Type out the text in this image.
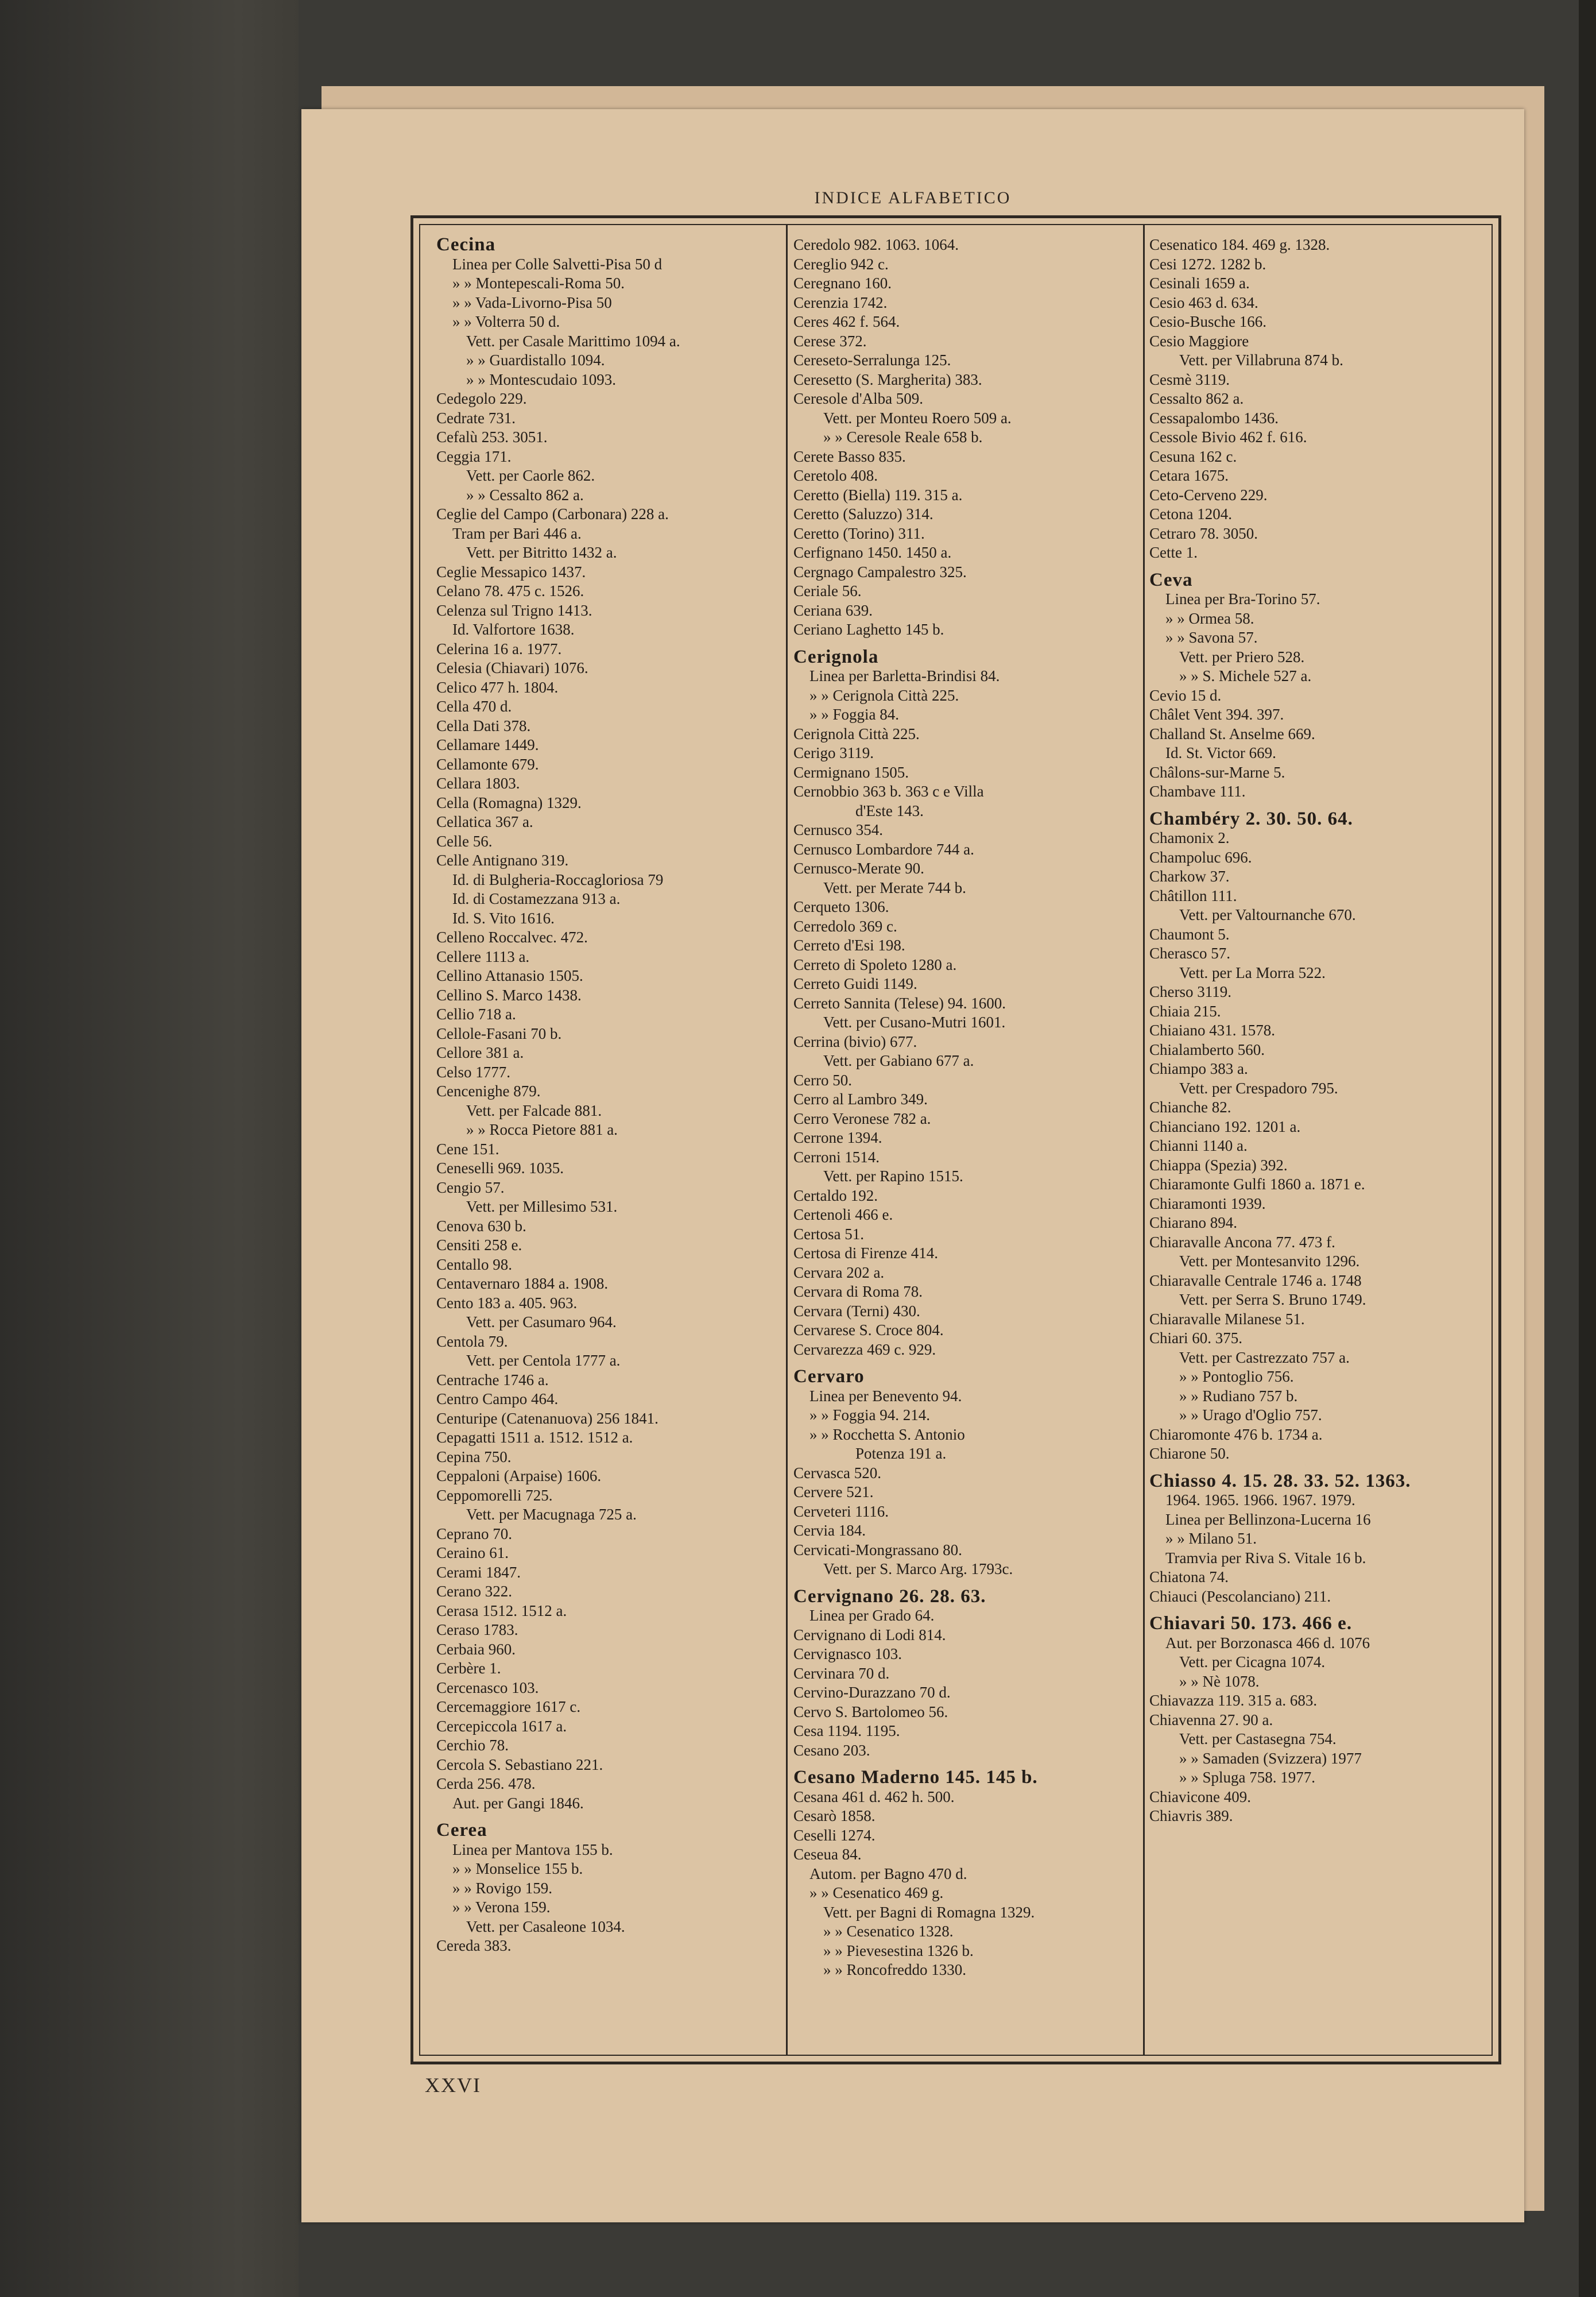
INDICE ALFABETICO
Cecina
Linea per Colle Salvetti-Pisa 50 d
» » Montepescali-Roma 50.
» » Vada-Livorno-Pisa 50
» » Volterra 50 d.
Vett. per Casale Marittimo 1094 a.
» » Guardistallo 1094.
» » Montescudaio 1093.
Cedegolo 229.
Cedrate 731.
Cefalù 253. 3051.
Ceggia 171.
Vett. per Caorle 862.
» » Cessalto 862 a.
Ceglie del Campo (Carbonara) 228 a.
Tram per Bari 446 a.
Vett. per Bitritto 1432 a.
Ceglie Messapico 1437.
Celano 78. 475 c. 1526.
Celenza sul Trigno 1413.
Id. Valfortore 1638.
Celerina 16 a. 1977.
Celesia (Chiavari) 1076.
Celico 477 h. 1804.
Cella 470 d.
Cella Dati 378.
Cellamare 1449.
Cellamonte 679.
Cellara 1803.
Cella (Romagna) 1329.
Cellatica 367 a.
Celle 56.
Celle Antignano 319.
Id. di Bulgheria-Roccagloriosa 79
Id. di Costamezzana 913 a.
Id. S. Vito 1616.
Celleno Roccalvec. 472.
Cellere 1113 a.
Cellino Attanasio 1505.
Cellino S. Marco 1438.
Cellio 718 a.
Cellole-Fasani 70 b.
Cellore 381 a.
Celso 1777.
Cencenighe 879.
Vett. per Falcade 881.
» » Rocca Pietore 881 a.
Cene 151.
Ceneselli 969. 1035.
Cengio 57.
Vett. per Millesimo 531.
Cenova 630 b.
Censiti 258 e.
Centallo 98.
Centavernaro 1884 a. 1908.
Cento 183 a. 405. 963.
Vett. per Casumaro 964.
Centola 79.
Vett. per Centola 1777 a.
Centrache 1746 a.
Centro Campo 464.
Centuripe (Catenanuova) 256 1841.
Cepagatti 1511 a. 1512. 1512 a.
Cepina 750.
Ceppaloni (Arpaise) 1606.
Ceppomorelli 725.
Vett. per Macugnaga 725 a.
Ceprano 70.
Ceraino 61.
Cerami 1847.
Cerano 322.
Cerasa 1512. 1512 a.
Ceraso 1783.
Cerbaia 960.
Cerbère 1.
Cercenasco 103.
Cercemaggiore 1617 c.
Cercepiccola 1617 a.
Cerchio 78.
Cercola S. Sebastiano 221.
Cerda 256. 478.
Aut. per Gangi 1846.
Cerea
Linea per Mantova 155 b.
» » Monselice 155 b.
» » Rovigo 159.
» » Verona 159.
Vett. per Casaleone 1034.
Cereda 383.
Ceredolo 982. 1063. 1064.
Cereglio 942 c.
Ceregnano 160.
Cerenzia 1742.
Ceres 462 f. 564.
Cerese 372.
Cereseto-Serralunga 125.
Ceresetto (S. Margherita) 383.
Ceresole d'Alba 509.
Vett. per Monteu Roero 509 a.
» » Ceresole Reale 658 b.
Cerete Basso 835.
Ceretolo 408.
Ceretto (Biella) 119. 315 a.
Ceretto (Saluzzo) 314.
Ceretto (Torino) 311.
Cerfignano 1450. 1450 a.
Cergnago Campalestro 325.
Ceriale 56.
Ceriana 639.
Ceriano Laghetto 145 b.
Cerignola
Linea per Barletta-Brindisi 84.
» » Cerignola Città 225.
» » Foggia 84.
Cerignola Città 225.
Cerigo 3119.
Cermignano 1505.
Cernobbio 363 b. 363 c e Villa
d'Este 143.
Cernusco 354.
Cernusco Lombardore 744 a.
Cernusco-Merate 90.
Vett. per Merate 744 b.
Cerqueto 1306.
Cerredolo 369 c.
Cerreto d'Esi 198.
Cerreto di Spoleto 1280 a.
Cerreto Guidi 1149.
Cerreto Sannita (Telese) 94. 1600.
Vett. per Cusano-Mutri 1601.
Cerrina (bivio) 677.
Vett. per Gabiano 677 a.
Cerro 50.
Cerro al Lambro 349.
Cerro Veronese 782 a.
Cerrone 1394.
Cerroni 1514.
Vett. per Rapino 1515.
Certaldo 192.
Certenoli 466 e.
Certosa 51.
Certosa di Firenze 414.
Cervara 202 a.
Cervara di Roma 78.
Cervara (Terni) 430.
Cervarese S. Croce 804.
Cervarezza 469 c. 929.
Cervaro
Linea per Benevento 94.
» » Foggia 94. 214.
» » Rocchetta S. Antonio
Potenza 191 a.
Cervasca 520.
Cervere 521.
Cerveteri 1116.
Cervia 184.
Cervicati-Mongrassano 80.
Vett. per S. Marco Arg. 1793c.
Cervignano 26. 28. 63.
Linea per Grado 64.
Cervignano di Lodi 814.
Cervignasco 103.
Cervinara 70 d.
Cervino-Durazzano 70 d.
Cervo S. Bartolomeo 56.
Cesa 1194. 1195.
Cesano 203.
Cesano Maderno 145. 145 b.
Cesana 461 d. 462 h. 500.
Cesarò 1858.
Ceselli 1274.
Ceseua 84.
Autom. per Bagno 470 d.
» » Cesenatico 469 g.
Vett. per Bagni di Romagna 1329.
» » Cesenatico 1328.
» » Pievesestina 1326 b.
» » Roncofreddo 1330.
Cesenatico 184. 469 g. 1328.
Cesi 1272. 1282 b.
Cesinali 1659 a.
Cesio 463 d. 634.
Cesio-Busche 166.
Cesio Maggiore
Vett. per Villabruna 874 b.
Cesmè 3119.
Cessalto 862 a.
Cessapalombo 1436.
Cessole Bivio 462 f. 616.
Cesuna 162 c.
Cetara 1675.
Ceto-Cerveno 229.
Cetona 1204.
Cetraro 78. 3050.
Cette 1.
Ceva
Linea per Bra-Torino 57.
» » Ormea 58.
» » Savona 57.
Vett. per Priero 528.
» » S. Michele 527 a.
Cevio 15 d.
Châlet Vent 394. 397.
Challand St. Anselme 669.
Id. St. Victor 669.
Châlons-sur-Marne 5.
Chambave 111.
Chambéry 2. 30. 50. 64.
Chamonix 2.
Champoluc 696.
Charkow 37.
Châtillon 111.
Vett. per Valtournanche 670.
Chaumont 5.
Cherasco 57.
Vett. per La Morra 522.
Cherso 3119.
Chiaia 215.
Chiaiano 431. 1578.
Chialamberto 560.
Chiampo 383 a.
Vett. per Crespadoro 795.
Chianche 82.
Chianciano 192. 1201 a.
Chianni 1140 a.
Chiappa (Spezia) 392.
Chiaramonte Gulfi 1860 a. 1871 e.
Chiaramonti 1939.
Chiarano 894.
Chiaravalle Ancona 77. 473 f.
Vett. per Montesanvito 1296.
Chiaravalle Centrale 1746 a. 1748
Vett. per Serra S. Bruno 1749.
Chiaravalle Milanese 51.
Chiari 60. 375.
Vett. per Castrezzato 757 a.
» » Pontoglio 756.
» » Rudiano 757 b.
» » Urago d'Oglio 757.
Chiaromonte 476 b. 1734 a.
Chiarone 50.
Chiasso 4. 15. 28. 33. 52. 1363.
1964. 1965. 1966. 1967. 1979.
Linea per Bellinzona-Lucerna 16
» » Milano 51.
Tramvia per Riva S. Vitale 16 b.
Chiatona 74.
Chiauci (Pescolanciano) 211.
Chiavari 50. 173. 466 e.
Aut. per Borzonasca 466 d. 1076
Vett. per Cicagna 1074.
» » Nè 1078.
Chiavazza 119. 315 a. 683.
Chiavenna 27. 90 a.
Vett. per Castasegna 754.
» » Samaden (Svizzera) 1977
» » Spluga 758. 1977.
Chiavicone 409.
Chiavris 389.
XXVI
